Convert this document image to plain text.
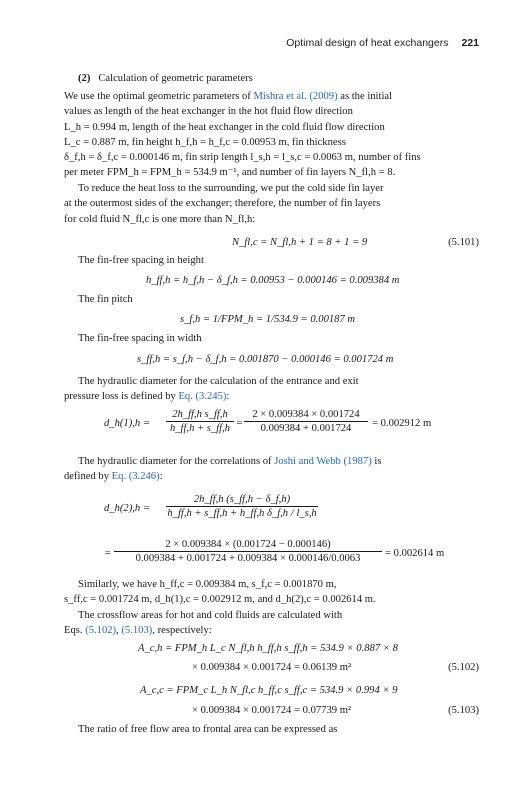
Optimal design of heat exchangers 221
(2) Calculation of geometric parameters
We use the optimal geometric parameters of Mishra et al. (2009) as the initial
values as length of the heat exchanger in the hot fluid flow direction
L_h = 0.994 m, length of the heat exchanger in the cold fluid flow direction
L_c = 0.887 m, fin height h_f,h = h_f,c = 0.00953 m, fin thickness
δ_f,h = δ_f,c = 0.000146 m, fin strip length l_s,h = l_s,c = 0.0063 m, number of fins
per meter FPM_h = FPM_h = 534.9 m⁻¹, and number of fin layers N_fl,h = 8.
To reduce the heat loss to the surrounding, we put the cold side fin layer
at the outermost sides of the exchanger; therefore, the number of fin layers
for cold fluid N_fl,c is one more than N_fl,h:
N_fl,c = N_fl,h + 1 = 8 + 1 = 9	(5.101)
The fin-free spacing in height
h_ff,h = h_f,h − δ_f,h = 0.00953 − 0.000146 = 0.009384 m
The fin pitch
s_f,h = 1/FPM_h = 1/534.9 = 0.00187 m
The fin-free spacing in width
s_ff,h = s_f,h − δ_f,h = 0.001870 − 0.000146 = 0.001724 m
The hydraulic diameter for the calculation of the entrance and exit
pressure loss is defined by Eq. (3.245):
d_h(1),h =
2h_ff,h s_ff,h
h_ff,h + s_ff,h =
2 × 0.009384 × 0.001724
0.009384 + 0.001724	= 0.002912 m
The hydraulic diameter for the correlations of Joshi and Webb (1987) is
defined by Eq. (3.246):
d_h(2),h =
2h_ff,h (s_ff,h − δ_f,h)
h_ff,h + s_ff,h + h_ff,h δ_f,h / l_s,h
=
2 × 0.009384 × (0.001724 − 0.000146)
0.009384 + 0.001724 + 0.009384 × 0.000146/0.0063	= 0.002614 m
Similarly, we have h_ff,c = 0.009384 m, s_f,c = 0.001870 m,
s_ff,c = 0.001724 m, d_h(1),c = 0.002912 m, and d_h(2),c = 0.002614 m.
The crossflow areas for hot and cold fluids are calculated with
Eqs. (5.102), (5.103), respectively:
A_c,h = FPM_h L_c N_fl,h h_ff,h s_ff,h = 534.9 × 0.887 × 8
× 0.009384 × 0.001724 = 0.06139 m²	(5.102)
A_c,c = FPM_c L_h N_fl,c h_ff,c s_ff,c = 534.9 × 0.994 × 9
× 0.009384 × 0.001724 = 0.07739 m²	(5.103)
The ratio of free flow area to frontal area can be expressed as
